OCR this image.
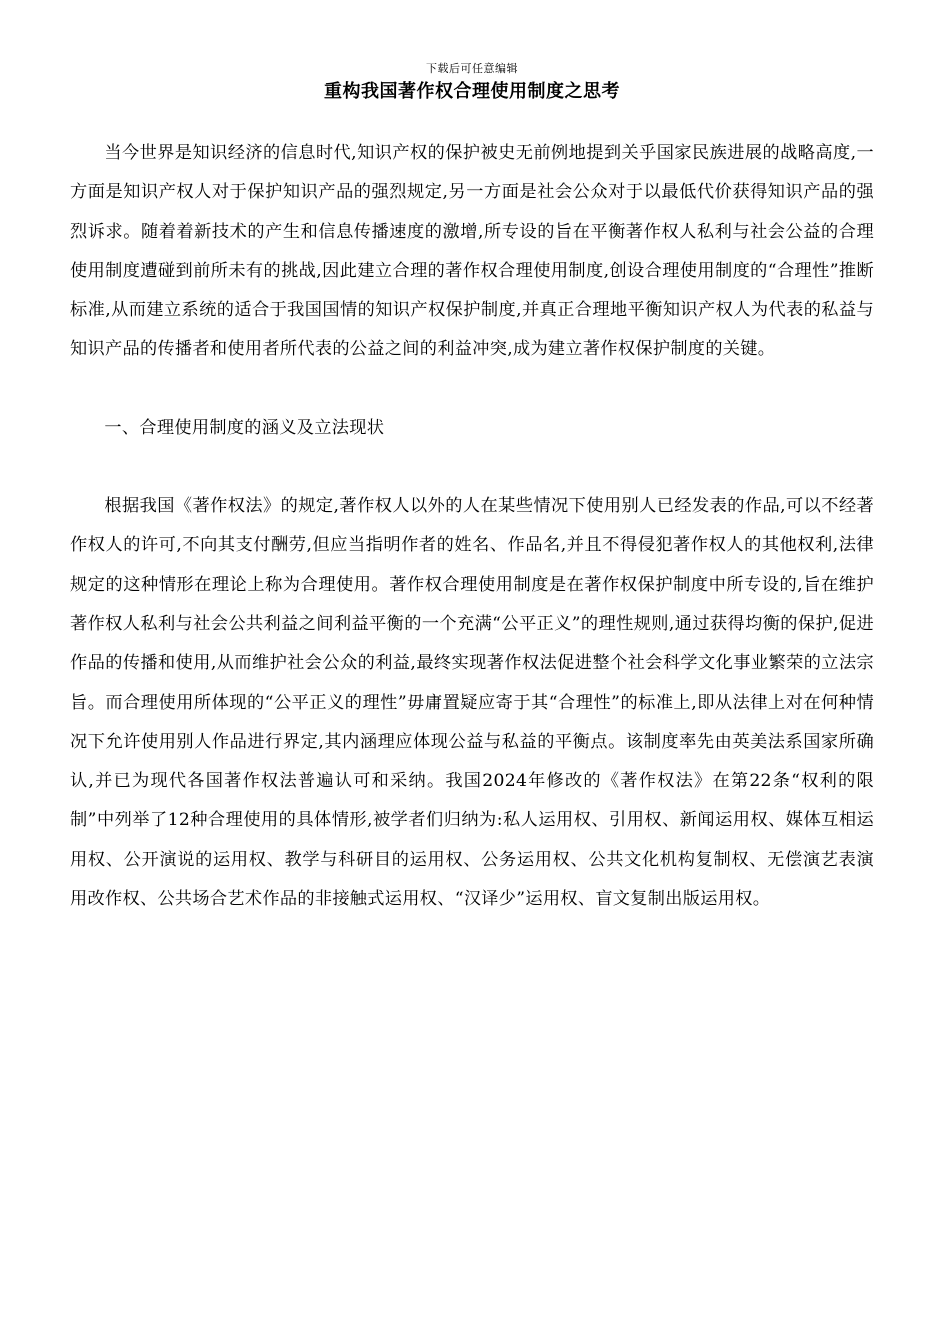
下载后可任意编辑
重构我国著作权合理使用制度之思考

当今世界是知识经济的信息时代,知识产权的保护被史无前例地提到关乎国家民族进展的战略高度,一方面是知识产权人对于保护知识产品的强烈规定,另一方面是社会公众对于以最低代价获得知识产品的强烈诉求。随着着新技术的产生和信息传播速度的激增,所专设的旨在平衡著作权人私利与社会公益的合理使用制度遭碰到前所未有的挑战,因此建立合理的著作权合理使用制度,创设合理使用制度的“合理性”推断标准,从而建立系统的适合于我国国情的知识产权保护制度,并真正合理地平衡知识产权人为代表的私益与知识产品的传播者和使用者所代表的公益之间的利益冲突,成为建立著作权保护制度的关键。

一、合理使用制度的涵义及立法现状

根据我国《著作权法》的规定,著作权人以外的人在某些情况下使用别人已经发表的作品,可以不经著作权人的许可,不向其支付酬劳,但应当指明作者的姓名、作品名,并且不得侵犯著作权人的其他权利,法律规定的这种情形在理论上称为合理使用。著作权合理使用制度是在著作权保护制度中所专设的,旨在维护著作权人私利与社会公共利益之间利益平衡的一个充满“公平正义”的理性规则,通过获得均衡的保护,促进作品的传播和使用,从而维护社会公众的利益,最终实现著作权法促进整个社会科学文化事业繁荣的立法宗旨。而合理使用所体现的“公平正义的理性”毋庸置疑应寄于其“合理性”的标准上,即从法律上对在何种情况下允许使用别人作品进行界定,其内涵理应体现公益与私益的平衡点。该制度率先由英美法系国家所确认,并已为现代各国著作权法普遍认可和采纳。我国2024年修改的《著作权法》在第22条“权利的限制”中列举了12种合理使用的具体情形,被学者们归纳为:私人运用权、引用权、新闻运用权、媒体互相运用权、公开演说的运用权、教学与科研目的运用权、公务运用权、公共文化机构复制权、无偿演艺表演用改作权、公共场合艺术作品的非接触式运用权、“汉译少”运用权、盲文复制出版运用权。
